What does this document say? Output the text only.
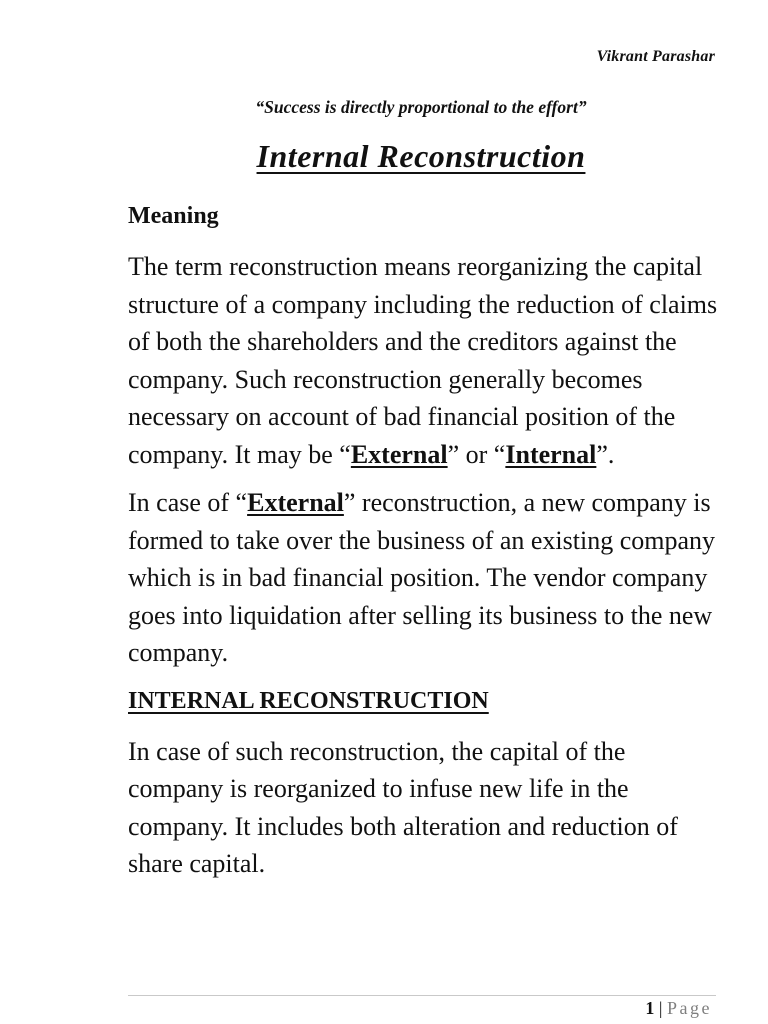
Vikrant Parashar
“Success is directly proportional to the effort”
Internal Reconstruction
Meaning

The term reconstruction means reorganizing the capital structure of a company including the reduction of claims of both the shareholders and the creditors against the company. Such reconstruction generally becomes necessary on account of bad financial position of the company. It may be “External” or “Internal”.

In case of “External” reconstruction, a new company is formed to take over the business of an existing company which is in bad financial position. The vendor company goes into liquidation after selling its business to the new company.

INTERNAL RECONSTRUCTION

In case of such reconstruction, the capital of the company is reorganized to infuse new life in the company. It includes both alteration and reduction of share capital.

1 | Page
